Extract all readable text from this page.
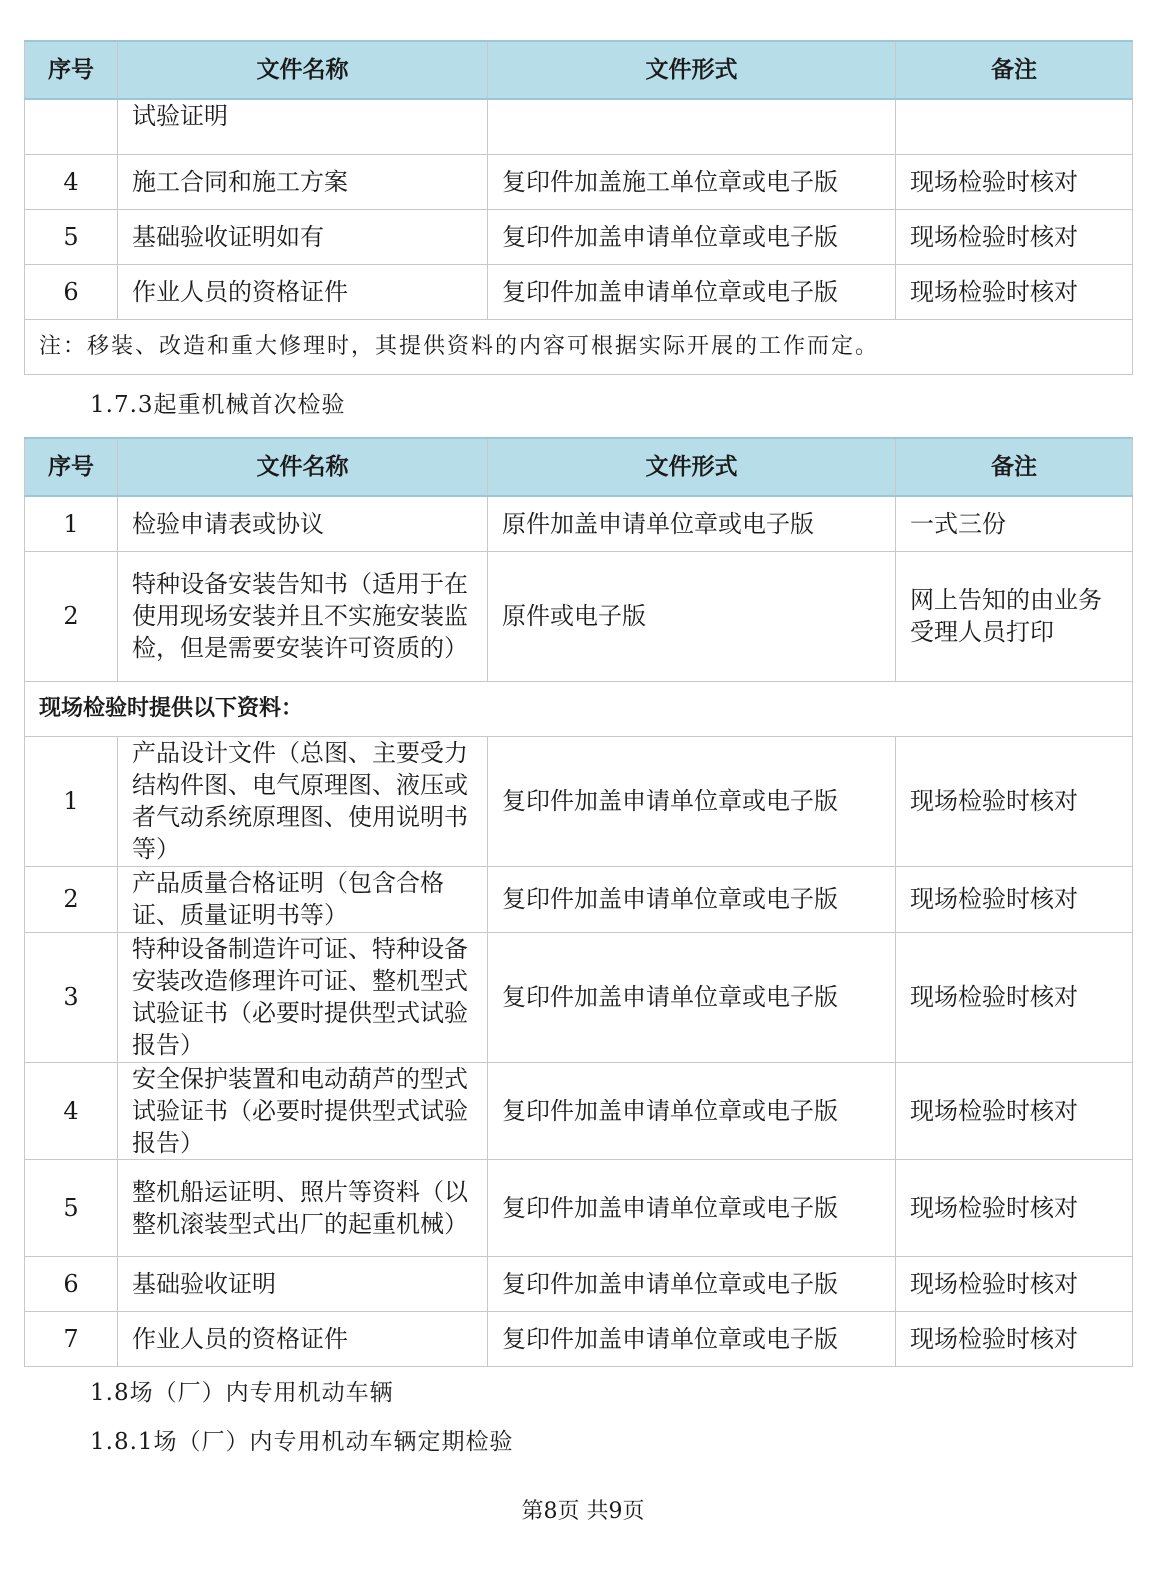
序号	文件名称	文件形式	备注
	试验证明		
4	施工合同和施工方案	复印件加盖施工单位章或电子版	现场检验时核对
5	基础验收证明如有	复印件加盖申请单位章或电子版	现场检验时核对
6	作业人员的资格证件	复印件加盖申请单位章或电子版	现场检验时核对
注：移装、改造和重大修理时，其提供资料的内容可根据实际开展的工作而定。			
1.7.3起重机械首次检验
序号	文件名称	文件形式	备注
1	检验申请表或协议	原件加盖申请单位章或电子版	一式三份
2	特种设备安装告知书（适用于在使用现场安装并且不实施安装监检，但是需要安装许可资质的）	原件或电子版	网上告知的由业务受理人员打印
现场检验时提供以下资料：			
1	产品设计文件（总图、主要受力结构件图、电气原理图、液压或者气动系统原理图、使用说明书等）	复印件加盖申请单位章或电子版	现场检验时核对
2	产品质量合格证明（包含合格证、质量证明书等）	复印件加盖申请单位章或电子版	现场检验时核对
3	特种设备制造许可证、特种设备安装改造修理许可证、整机型式试验证书（必要时提供型式试验报告）	复印件加盖申请单位章或电子版	现场检验时核对
4	安全保护装置和电动葫芦的型式试验证书（必要时提供型式试验报告）	复印件加盖申请单位章或电子版	现场检验时核对
5	整机船运证明、照片等资料（以整机滚装型式出厂的起重机械）	复印件加盖申请单位章或电子版	现场检验时核对
6	基础验收证明	复印件加盖申请单位章或电子版	现场检验时核对
7	作业人员的资格证件	复印件加盖申请单位章或电子版	现场检验时核对
1.8场（厂）内专用机动车辆
1.8.1场（厂）内专用机动车辆定期检验
第8页 共9页
